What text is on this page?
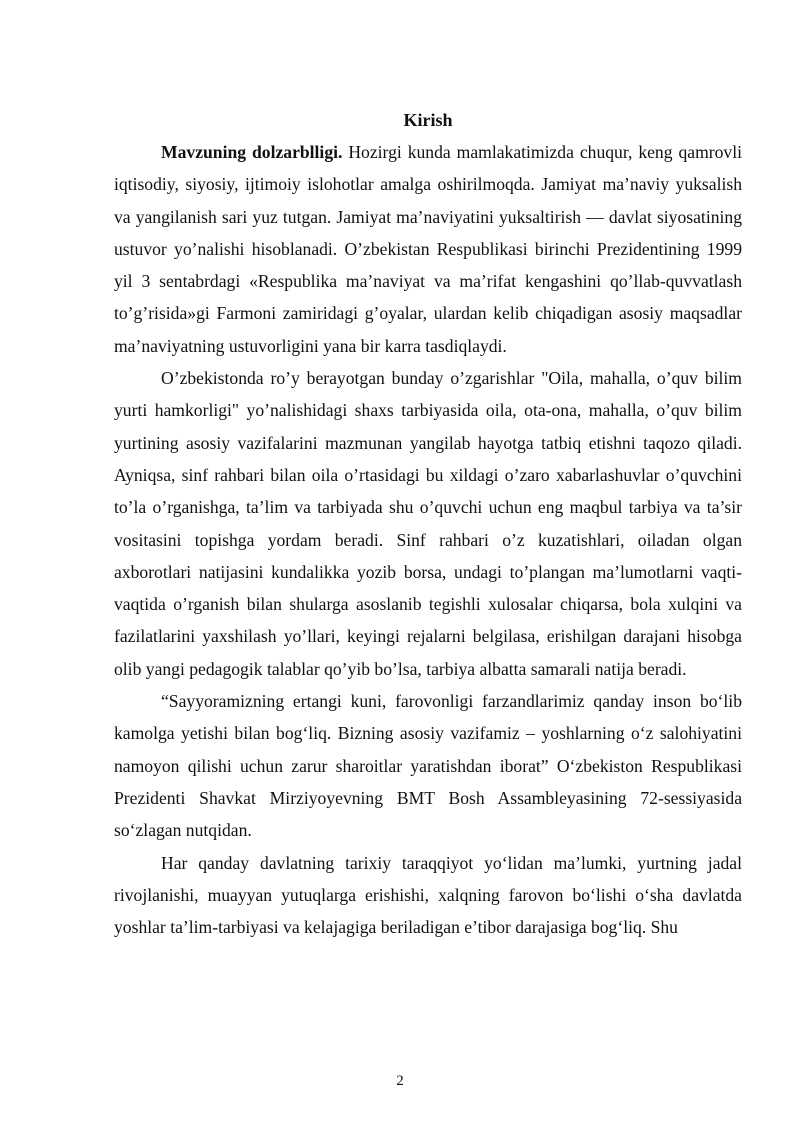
Kirish

Mavzuning dolzarblligi. Hozirgi kunda mamlakatimizda chuqur, keng qamrovli iqtisodiy, siyosiy, ijtimoiy islohotlar amalga oshirilmoqda. Jamiyat ma’naviy yuksalish va yangilanish sari yuz tutgan. Jamiyat ma’naviyatini yuksaltirish — davlat siyosatining ustuvor yo’nalishi hisoblanadi. O’zbekistan Respublikasi birinchi Prezidentining 1999 yil 3 sentabrdagi «Respublika ma’naviyat va ma’rifat kengashini qo’llab-quvvatlash to’g’risida»gi Farmoni zamiridagi g’oyalar, ulardan kelib chiqadigan asosiy maqsadlar ma’naviyatning ustuvorligini yana bir karra tasdiqlaydi.

O’zbekistonda ro’y berayotgan bunday o’zgarishlar "Oila, mahalla, o’quv bilim yurti hamkorligi" yo’nalishidagi shaxs tarbiyasida oila, ota-ona, mahalla, o’quv bilim yurtining asosiy vazifalarini mazmunan yangilab hayotga tatbiq etishni taqozo qiladi. Ayniqsa, sinf rahbari bilan oila o’rtasidagi bu xildagi o’zaro xabarlashuvlar o’quvchini to’la o’rganishga, ta’lim va tarbiyada shu o’quvchi uchun eng maqbul tarbiya va ta’sir vositasini topishga yordam beradi. Sinf rahbari o’z kuzatishlari, oiladan olgan axborotlari natijasini kundalikka yozib borsa, undagi to’plangan ma’lumotlarni vaqti-vaqtida o’rganish bilan shularga asoslanib tegishli xulosalar chiqarsa, bola xulqini va fazilatlarini yaxshilash yo’llari, keyingi rejalarni belgilasa, erishilgan darajani hisobga olib yangi pedagogik talablar qo’yib bo’lsa, tarbiya albatta samarali natija beradi.

“Sayyoramizning ertangi kuni, farovonligi farzandlarimiz qanday inson bo‘lib kamolga yetishi bilan bog‘liq. Bizning asosiy vazifamiz – yoshlarning o‘z salohiyatini namoyon qilishi uchun zarur sharoitlar yaratishdan iborat” O‘zbekiston Respublikasi Prezidenti Shavkat Mirziyoyevning BMT Bosh Assambleyasining 72-sessiyasida so‘zlagan nutqidan.

Har qanday davlatning tarixiy taraqqiyot yo‘lidan ma’lumki, yurtning jadal rivojlanishi, muayyan yutuqlarga erishishi, xalqning farovon bo‘lishi o‘sha davlatda yoshlar ta’lim-tarbiyasi va kelajagiga beriladigan e’tibor darajasiga bog‘liq. Shu

2
